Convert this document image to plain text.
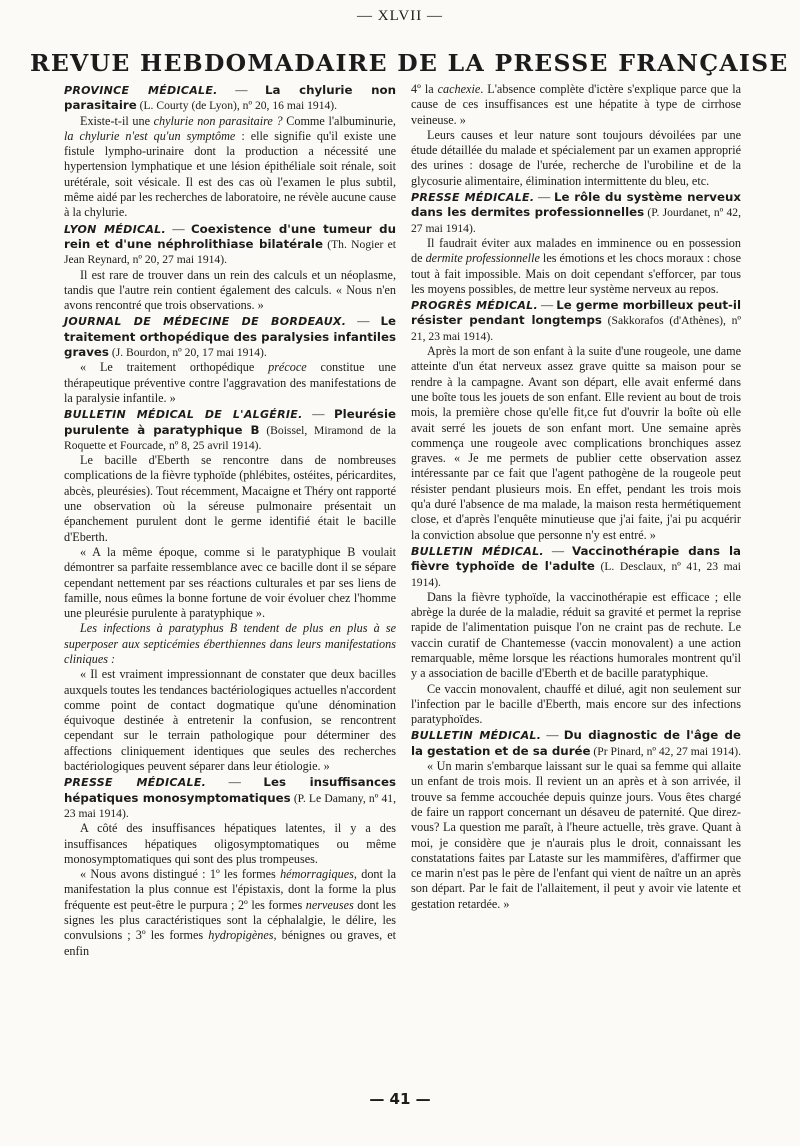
— XLVII —
REVUE HEBDOMADAIRE DE LA PRESSE FRANÇAISE

PROVINCE MÉDICALE. — La chylurie non parasitaire (L. Courty (de Lyon), nº 20, 16 mai 1914).

Existe-t-il une chylurie non parasitaire ? Comme l'albuminurie, la chylurie n'est qu'un symptôme : elle signifie qu'il existe une fistule lympho-urinaire dont la production a nécessité une hypertension lymphatique et une lésion épithéliale soit rénale, soit urétérale, soit vésicale. Il est des cas où l'examen le plus subtil, même aidé par les recherches de laboratoire, ne révèle aucune cause à la chylurie.

LYON MÉDICAL. — Coexistence d'une tumeur du rein et d'une néphrolithiase bilatérale (Th. Nogier et Jean Reynard, nº 20, 27 mai 1914).

Il est rare de trouver dans un rein des calculs et un néoplasme, tandis que l'autre rein contient également des calculs. « Nous n'en avons rencontré que trois observations. »

JOURNAL DE MÉDECINE DE BORDEAUX. — Le traitement orthopédique des paralysies infantiles graves (J. Bourdon, nº 20, 17 mai 1914).

« Le traitement orthopédique précoce constitue une thérapeutique préventive contre l'aggravation des manifestations de la paralysie infantile. »

BULLETIN MÉDICAL DE L'ALGÉRIE. — Pleurésie purulente à paratyphique B (Boissel, Miramond de la Roquette et Fourcade, nº 8, 25 avril 1914).

Le bacille d'Eberth se rencontre dans de nombreuses complications de la fièvre typhoïde (phlébites, ostéites, péricardites, abcès, pleurésies). Tout récemment, Macaigne et Théry ont rapporté une observation où la séreuse pulmonaire présentait un épanchement purulent dont le germe identifié était le bacille d'Eberth.

« A la même époque, comme si le paratyphique B voulait démontrer sa parfaite ressemblance avec ce bacille dont il se sépare cependant nettement par ses réactions culturales et par ses liens de famille, nous eûmes la bonne fortune de voir évoluer chez l'homme une pleurésie purulente à paratyphique ».

Les infections à paratyphus B tendent de plus en plus à se superposer aux septicémies éberthiennes dans leurs manifestations cliniques :

« Il est vraiment impressionnant de constater que deux bacilles auxquels toutes les tendances bactériologiques actuelles n'accordent comme point de contact dogmatique qu'une dénomination équivoque destinée à entretenir la confusion, se rencontrent cependant sur le terrain pathologique pour déterminer des affections cliniquement identiques que seules des recherches bactériologiques peuvent séparer dans leur étiologie. »

PRESSE MÉDICALE. — Les insuffisances hépatiques monosymptomatiques (P. Le Damany, nº 41, 23 mai 1914).

A côté des insuffisances hépatiques latentes, il y a des insuffisances hépatiques oligosymptomatiques ou même monosymptomatiques qui sont des plus trompeuses.

« Nous avons distingué : 1º les formes hémorragiques, dont la manifestation la plus connue est l'épistaxis, dont la forme la plus fréquente est peut-être le purpura ; 2º les formes nerveuses dont les signes les plus caractéristiques sont la céphalalgie, le délire, les convulsions ; 3º les formes hydropigènes, bénignes ou graves, et enfin

4º la cachexie. L'absence complète d'ictère s'explique parce que la cause de ces insuffisances est une hépatite à type de cirrhose veineuse. »

Leurs causes et leur nature sont toujours dévoilées par une étude détaillée du malade et spécialement par un examen approprié des urines : dosage de l'urée, recherche de l'urobiline et de la glycosurie alimentaire, élimination intermittente du bleu, etc.

PRESSE MÉDICALE. — Le rôle du système nerveux dans les dermites professionnelles (P. Jourdanet, nº 42, 27 mai 1914).

Il faudrait éviter aux malades en imminence ou en possession de dermite professionnelle les émotions et les chocs moraux : chose tout à fait impossible. Mais on doit cependant s'efforcer, par tous les moyens possibles, de mettre leur système nerveux au repos.

PROGRÈS MÉDICAL. — Le germe morbilleux peut-il résister pendant longtemps (Sakkorafos (d'Athènes), nº 21, 23 mai 1914).

Après la mort de son enfant à la suite d'une rougeole, une dame atteinte d'un état nerveux assez grave quitte sa maison pour se rendre à la campagne. Avant son départ, elle avait enfermé dans une boîte tous les jouets de son enfant. Elle revient au bout de trois mois, la première chose qu'elle fit,ce fut d'ouvrir la boîte où elle avait serré les jouets de son enfant mort. Une semaine après commença une rougeole avec complications bronchiques assez graves. « Je me permets de publier cette observation assez intéressante par ce fait que l'agent pathogène de la rougeole peut résister pendant plusieurs mois. En effet, pendant les trois mois qu'a duré l'absence de ma malade, la maison resta hermétiquement close, et d'après l'enquête minutieuse que j'ai faite, j'ai pu acquérir la conviction absolue que personne n'y est entré. »

BULLETIN MÉDICAL. — Vaccinothérapie dans la fièvre typhoïde de l'adulte (L. Desclaux, nº 41, 23 mai 1914).

Dans la fièvre typhoïde, la vaccinothérapie est efficace ; elle abrège la durée de la maladie, réduit sa gravité et permet la reprise rapide de l'alimentation puisque l'on ne craint pas de rechute. Le vaccin curatif de Chantemesse (vaccin monovalent) a une action remarquable, même lorsque les réactions humorales montrent qu'il y a association de bacille d'Eberth et de bacille paratyphique.

Ce vaccin monovalent, chauffé et dilué, agit non seulement sur l'infection par le bacille d'Eberth, mais encore sur des infections paratyphoïdes.

BULLETIN MÉDICAL. — Du diagnostic de l'âge de la gestation et de sa durée (Pr Pinard, nº 42, 27 mai 1914).

« Un marin s'embarque laissant sur le quai sa femme qui allaite un enfant de trois mois. Il revient un an après et à son arrivée, il trouve sa femme accouchée depuis quinze jours. Vous êtes chargé de faire un rapport concernant un désaveu de paternité. Que direz-vous? La question me paraît, à l'heure actuelle, très grave. Quant à moi, je considère que je n'aurais plus le droit, connaissant les constatations faites par Lataste sur les mammifères, d'affirmer que ce marin n'est pas le père de l'enfant qui vient de naître un an après son départ. Par le fait de l'allaitement, il peut y avoir vie latente et gestation retardée. »

— 41 —
